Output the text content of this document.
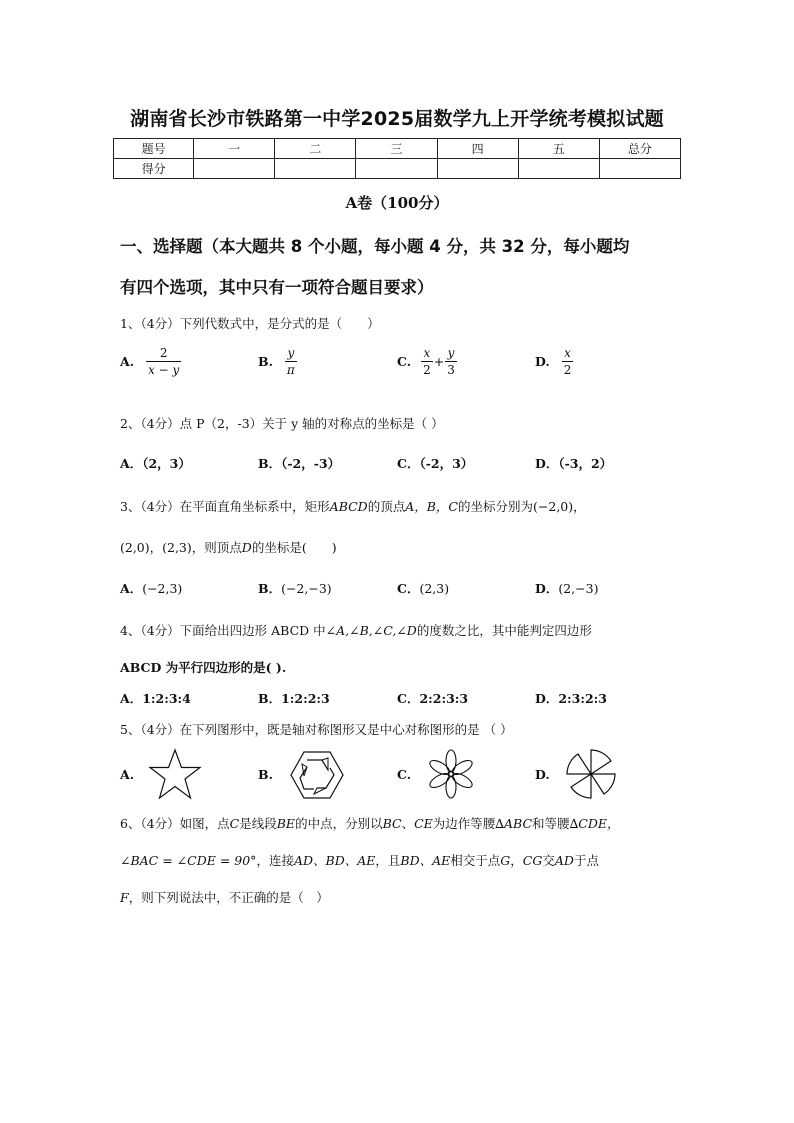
湖南省长沙市铁路第一中学2025届数学九上开学统考模拟试题
题号	一	二	三	四	五	总分
得分						
A卷（100分）
一、选择题（本大题共 8 个小题，每小题 4 分，共 32 分，每小题均
有四个选项，其中只有一项符合题目要求）
1、（4分）下列代数式中，是分式的是（　　）
A. $\frac{2}{x - y}$	B. $\frac{y}{\pi}$	C. $\frac{x}{2} + \frac{y}{3}$	D. $\frac{x}{2}$
2、（4分）点 P（2，-3）关于 y 轴的对称点的坐标是（ ）
A．（2，3）	B．（-2，-3）	C．（-2，3）	D．（-3，2）
3、（4分）在平面直角坐标系中，矩形ABCD的顶点A，B，C的坐标分别为(−2,0)，
(2,0)，(2,3)，则顶点D的坐标是(　　)
A．(−2,3)	B．(−2,−3)	C．(2,3)	D．(2,−3)
4、（4分）下面给出四边形 ABCD 中∠A,∠B,∠C,∠D的度数之比，其中能判定四边形
ABCD 为平行四边形的是( ).
A．1:2:3:4	B．1:2:2:3	C．2:2:3:3	D．2:3:2:3
5、（4分）在下列图形中，既是轴对称图形又是中心对称图形的是 （ ）
A.	B.	C.	D.
6、（4分）如图，点C是线段BE的中点，分别以BC、CE为边作等腰∆ABC和等腰∆CDE，
∠BAC = ∠CDE = 90°，连接AD、BD、AE，且BD、AE相交于点G，CG交AD于点
F，则下列说法中，不正确的是（　）
